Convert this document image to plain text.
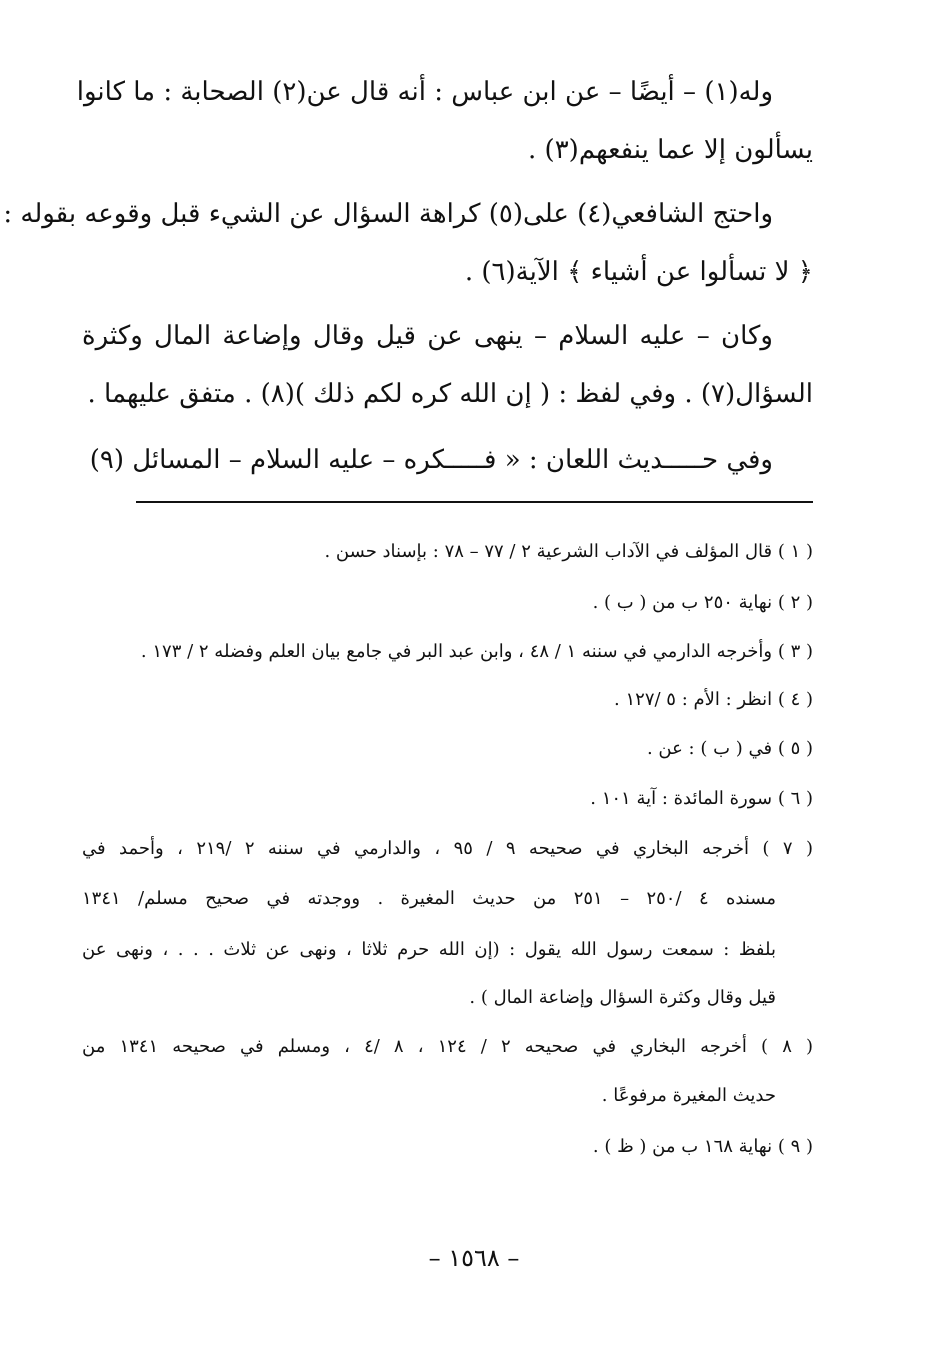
وله(١) – أيضًا – عن ابن عباس : أنه قال عن(٢) الصحابة : ما كانوا
يسألون إلا عما ينفعهم(٣) .
واحتج الشافعي(٤) على(٥) كراهة السؤال عن الشيء قبل وقوعه بقوله :
﴿ لا تسألوا عن أشياء ﴾ الآية(٦) .
وكان – عليه السلام – ينهى عن قيل وقال وإضاعة المال وكثرة
السؤال(٧) . وفي لفظ : ( إن الله كره لكم ذلك )(٨) . متفق عليهما .
وفي حـــــديث اللعان : « فـــــكره – عليه السلام – المسائل (٩)
( ١ ) قال المؤلف في الآداب الشرعية ٢ / ٧٧ – ٧٨ : بإسناد حسن .
( ٢ ) نهاية ٢٥٠ ب من ( ب ) .
( ٣ ) وأخرجه الدارمي في سننه ١ / ٤٨ ، وابن عبد البر في جامع بيان العلم وفضله ٢ / ١٧٣ .
( ٤ ) انظر : الأم : ٥ /١٢٧ .
( ٥ ) في ( ب ) : عن .
( ٦ ) سورة المائدة : آية ١٠١ .
( ٧ ) أخرجه البخاري في صحيحه ٩ / ٩٥ ، والدارمي في سننه ٢ /٢١٩ ، وأحمد في
مسنده ٤ /٢٥٠ – ٢٥١ من حديث المغيرة . ووجدته في صحيح مسلم/ ١٣٤١
بلفظ : سمعت رسول الله يقول : (إن الله حرم ثلاثا ، ونهى عن ثلاث . . . ، ونهى عن
قيل وقال وكثرة السؤال وإضاعة المال ) .
( ٨ ) أخرجه البخاري في صحيحه ٢ / ١٢٤ ، ٨ /٤ ، ومسلم في صحيحه ١٣٤١ من
حديث المغيرة مرفوعًا .
( ٩ ) نهاية ١٦٨ ب من ( ظ ) .
– ١٥٦٨ –
